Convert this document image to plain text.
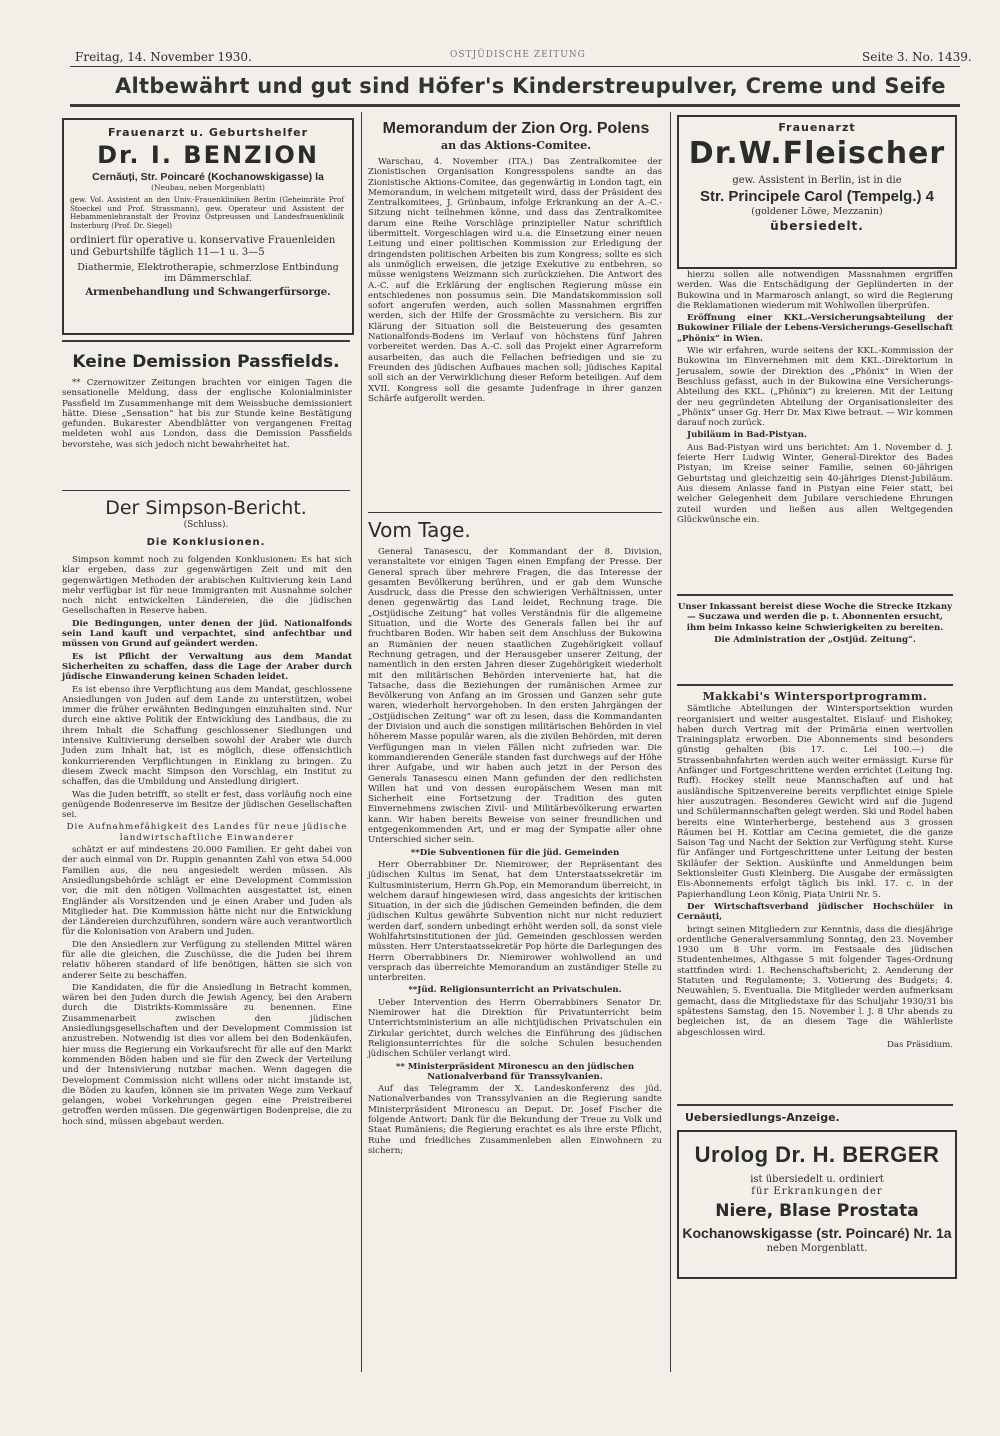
Freitag, 14. November 1930.	OSTJÜDISCHE ZEITUNG	Seite 3. No. 1439.
Altbewährt und gut sind Höfer's Kinderstreupulver, Creme und Seife
Frauenarzt u. Geburtshelfer
Dr. I. BENZION
Cernăuți, Str. Poincaré (Kochanowskigasse) la
(Neubau, neben Morgenblatt)
gew. Vol. Assistent an den Univ.-Frauenkliniken Berlin (Geheimräte Prof Stoeckel und Prof. Strassmann), gew. Operateur und Assistent der Hebammenlehranstalt der Provinz Ostpreussen und Landesfrauenklinik Insterburg (Prof. Dr. Siegel)
ordiniert für operative u. konservative Frauenleiden und Geburtshilfe täglich 11—1 u. 3—5
Diathermie, Elektrotherapie, schmerzlose Entbindung im Dämmerschlaf.
Armenbehandlung und Schwangerfürsorge.
Keine Demission Passfields.

** Czernowitzer Zeitungen brachten vor einigen Tagen die sensationelle Meldung, dass der englische Kolonialminister Passfield im Zusammenhange mit dem Weissbuche demissioniert hätte. Diese „Sensation“ hat bis zur Stunde keine Bestätigung gefunden. Bukarester Abendblätter von vergangenen Freitag meldeten wohl aus London, dass die Demission Passfields bevorstehe, was sich jedoch nicht bewahrheitet hat.

Der Simpson-Bericht.
(Schluss).
Die Konklusionen.

Simpson kommt noch zu folgenden Konklusionen: Es hat sich klar ergeben, dass zur gegenwärtigen Zeit und mit den gegenwärtigen Methoden der arabischen Kultivierung kein Land mehr verfügbar ist für neue Immigranten mit Ausnahme solcher noch nicht entwickelten Ländereien, die die jüdischen Gesellschaften in Reserve haben.

Die Bedingungen, unter denen der jüd. Nationalfonds sein Land kauft und verpachtet, sind anfechtbar und müssen von Grund auf geändert werden.

Es ist Pflicht der Verwaltung aus dem Mandat Sicherheiten zu schaffen, dass die Lage der Araber durch jüdische Einwanderung keinen Schaden leidet.

Es ist ebenso ihre Verpflichtung aus dem Mandat, geschlossene Ansiedlungen von Juden auf dem Lande zu unterstützen, wobei immer die früher erwähnten Bedingungen einzuhalten sind. Nur durch eine aktive Politik der Entwicklung des Landbaus, die zu ihrem Inhalt die Schaffung geschlossener Siedlungen und intensive Kultivierung derselben sowohl der Araber wie durch Juden zum Inhalt hat, ist es möglich, diese offensichtlich konkurrierenden Verpflichtungen in Einklang zu bringen. Zu diesem Zweck macht Simpson den Vorschlag, ein Institut zu schaffen, das die Umbildung und Ansiedlung dirigiert.

Was die Juden betrifft, so stellt er fest, dass vorläufig noch eine genügende Bodenreserve im Besitze der jüdischen Gesellschaften sei.

Die Aufnahmefähigkeit des Landes für neue jüdische landwirtschaftliche Einwanderer

schätzt er auf mindestens 20.000 Familien. Er geht dabei von der auch einmal von Dr. Ruppin genannten Zahl von etwa 54.000 Familien aus, die neu angesiedelt werden müssen. Als Ansiedlungsbehörde schlägt er eine Development Commission vor, die mit den nötigen Vollmachten ausgestattet ist, einen Engländer als Vorsitzenden und je einen Araber und Juden als Mitglieder hat. Die Kommission hätte nicht nur die Entwicklung der Ländereien durchzuführen, sondern wäre auch verantwortlich für die Kolonisation von Arabern und Juden.

Die den Ansiedlern zur Verfügung zu stellenden Mittel wären für alle die gleichen, die Zuschüsse, die die Juden bei ihrem relativ höheren standard of life benötigen, hätten sie sich von anderer Seite zu beschaffen.

Die Kandidaten, die für die Ansiedlung in Betracht kommen, wären bei den Juden durch die Jewish Agency, bei den Arabern durch die Distrikts-Kommissäre zu benennen. Eine Zusammenarbeit zwischen den jüdischen Ansiedlungsgesellschaften und der Development Commission ist anzustreben. Notwendig ist dies vor allem bei den Bodenkäufen, hier muss die Regierung ein Vorkaufsrecht für alle auf den Markt kommenden Böden haben und sie für den Zweck der Verteilung und der Intensivierung nutzbar machen. Wenn dagegen die Development Commission nicht willens oder nicht imstande ist, die Böden zu kaufen, können sie im privaten Wege zum Verkauf gelangen, wobei Vorkehrungen gegen eine Preistreiberei getroffen werden müssen. Die gegenwärtigen Bodenpreise, die zu hoch sind, müssen abgebaut werden.

Memorandum der Zion Org. Polens
an das Aktions-Comitee.

Warschau, 4. November (ITA.) Das Zentralkomitee der Zionistischen Organisation Kongresspolens sandte an das Zionistische Aktions-Comitee, das gegenwärtig in London tagt, ein Memorandum, in welchem mitgeteilt wird, dass der Präsident des Zentralkomitees, J. Grünbaum, infolge Erkrankung an der A.-C.-Sitzung nicht teilnehmen könne, und dass das Zentralkomitee darum eine Reihe Vorschläge prinzipieller Natur schriftlich übermittelt. Vorgeschlagen wird u.a. die Einsetzung einer neuen Leitung und einer politischen Kommission zur Erledigung der dringendsten politischen Arbeiten bis zum Kongress; sollte es sich als unmöglich erweisen, die jetzige Exekutive zu entbehren, so müsse wenigstens Weizmann sich zurückziehen. Die Antwort des A.-C. auf die Erklärung der englischen Regierung müsse ein entschiedenes non possumus sein. Die Mandatskommission soll sofort angerufen werden, auch sollen Massnahmen ergriffen werden, sich der Hilfe der Grossmächte zu versichern. Bis zur Klärung der Situation soll die Beisteuerung des gesamten Nationalfonds-Bodens im Verlauf von höchstens fünf Jahren vorbereitet werden. Das A.-C. soll das Projekt einer Agrarreform ausarbeiten, das auch die Fellachen befriedigen und sie zu Freunden des jüdischen Aufbaues machen soll; jüdisches Kapital soll sich an der Verwirklichung dieser Reform beteiligen. Auf dem XVII. Kongress soll die gesamte Judenfrage in ihrer ganzen Schärfe aufgerollt werden.

Vom Tage.

General Tanasescu, der Kommandant der 8. Division, veranstaltete vor einigen Tagen einen Empfang der Presse. Der General sprach über mehrere Fragen, die das Interesse der gesamten Bevölkerung berühren, und er gab dem Wunsche Ausdruck, dass die Presse den schwierigen Verhältnissen, unter denen gegenwärtig das Land leidet, Rechnung trage. Die „Ostjüdische Zeitung“ hat volles Verständnis für die allgemeine Situation, und die Worte des Generals fallen bei ihr auf fruchtbaren Boden. Wir haben seit dem Anschluss der Bukowina an Rumänien der neuen staatlichen Zugehörigkeit vollauf Rechnung getragen, und der Herausgeber unserer Zeitung, der namentlich in den ersten Jahren dieser Zugehörigkeit wiederholt mit den militärischen Behörden intervenierte hat, hat die Tatsache, dass die Beziehungen der rumänischen Armee zur Bevölkerung von Anfang an im Grossen und Ganzen sehr gute waren, wiederholt hervorgehoben. In den ersten Jahrgängen der „Ostjüdischen Zeitung“ war oft zu lesen, dass die Kommandanten der Division und auch die sonstigen militärischen Behörden in viel höherem Masse populär waren, als die zivilen Behörden, mit deren Verfügungen man in vielen Fällen nicht zufrieden war. Die kommandierenden Generäle standen fast durchwegs auf der Höhe ihrer Aufgabe, und wir haben auch jetzt in der Person des Generals Tanasescu einen Mann gefunden der den redlichsten Willen hat und von dessen europäischem Wesen man mit Sicherheit eine Fortsetzung der Tradition des guten Einvernehmens zwischen Zivil- und Militärbevölkerung erwarten kann. Wir haben bereits Beweise von seiner freundlichen und entgegenkommenden Art, und er mag der Sympatie aller ohne Unterschied sicher sein.

**Die Subventionen für die jüd. Gemeinden

Herr Oberrabbiner Dr. Niemirower, der Repräsentant des jüdischen Kultus im Senat, hat dem Unterstaatssekretär im Kultusministerium, Herrn Gh.Pop, ein Memorandum überreicht, in welchem darauf hingewiesen wird, dass angesichts der kritischen Situation, in der sich die jüdischen Gemeinden befinden, die dem jüdischen Kultus gewährte Subvention nicht nur nicht reduziert werden darf, sondern unbedingt erhöht werden soll, da sonst viele Wohlfahrtsinstitutionen der jüd. Gemeinden geschlossen werden müssten. Herr Unterstaatssekretär Pop hörte die Darlegungen des Herrn Oberrabbiners Dr. Niemirower wohlwollend an und versprach das überreichte Memorandum an zuständiger Stelle zu unterbreiten.

**Jüd. Religionsunterricht an Privatschulen.

Ueber Intervention des Herrn Oberrabbiners Senator Dr. Niemirower hat die Direktion für Privatunterricht beim Unterrichtsministerium an alle nichtjüdischen Privatschulen ein Zirkular gerichtet, durch welches die Einführung des jüdischen Religionsunterrichtes für die solche Schulen besuchenden jüdischen Schüler verlangt wird.

** Ministerpräsident Mironescu an den jüdischen Nationalverband für Transsylvanien.

Auf das Telegramm der X. Landeskonferenz des jüd. Nationalverbandes von Transsylvanien an die Regierung sandte Ministerpräsident Mironescu an Deput. Dr. Josef Fischer die folgende Antwort: Dank für die Bekundung der Treue zu Volk und Staat Rumäniens; die Regierung erachtet es als ihre erste Pflicht, Ruhe und friedliches Zusammenleben allen Einwohnern zu sichern;

Frauenarzt
Dr.W.Fleischer
gew. Assistent in Berlin, ist in die
Str. Principele Carol (Tempelg.) 4
(goldener Löwe, Mezzanin)
übersiedelt.

hierzu sollen alle notwendigen Massnahmen ergriffen werden. Was die Entschädigung der Geplünderten in der Bukowina und in Marmarosch anlangt, so wird die Regierung die Reklamationen wiederum mit Wohlwollen überprüfen.

Eröffnung einer KKL.-Versicherungsabteilung der Bukowiner Filiale der Lebens-Versicherungs-Gesellschaft „Phönix“ in Wien.

Wie wir erfahren, wurde seitens der KKL.-Kommission der Bukowina im Einvernehmen mit dem KKL.-Direktorium in Jerusalem, sowie der Direktion des „Phönix“ in Wien der Beschluss gefasst, auch in der Bukowina eine Versicherungs-Abteilung des KKL. („Phönix“) zu kreieren. Mit der Leitung der neu gegründeten Abteilung der Organisationsleiter des „Phönix“ unser Gg. Herr Dr. Max Kiwe betraut. — Wir kommen darauf noch zurück.

Jubiläum in Bad-Pistyan.

Aus Bad-Pistyan wird uns berichtet: Am 1. November d. J. feierte Herr Ludwig Winter, General-Direktor des Bades Pistyan, im Kreise seiner Familie, seinen 60-jährigen Geburtstag und gleichzeitig sein 40-jähriges Dienst-Jubiläum. Aus diesem Anlasse fand in Pistyan eine Feier statt, bei welcher Gelegenheit dem Jubilare verschiedene Ehrungen zuteil wurden und ließen aus allen Weltgegenden Glückwünsche ein.

Unser Inkassant bereist diese Woche die Strecke Itzkany — Suczawa und werden die p. t. Abonnenten ersucht, ihm beim Inkasso keine Schwierigkeiten zu bereiten.

Die Administration der „Ostjüd. Zeitung“.

Makkabi's Wintersportprogramm.

Sämtliche Abteilungen der Wintersportsektion wurden reorganisiert und weiter ausgestaltet. Eislauf- und Eishokey, haben durch Vertrag mit der Primăria einen wertvollen Trainingsplatz erworben. Die Abonnements sind besonders günstig gehalten (bis 17. c. Lei 100.—) die Strassenbahnfahrten werden auch weiter ermässigt. Kurse für Anfänger und Fortgeschrittene werden errichtet (Leitung Ing. Ruff). Hockey stellt neue Mannschaften auf und hat ausländische Spitzenvereine bereits verpflichtet einige Spiele hier auszutragen. Besonderes Gewicht wird auf die Jugend und Schülermannschaften gelegt werden. Ski und Rodel haben bereits eine Winterherberge, bestehend aus 3 grossen Räumen bei H. Kottlar am Cecina gemietet, die die ganze Saison Tag und Nacht der Sektion zur Verfügung steht. Kurse für Anfänger und Fortgeschrittene unter Leitung der besten Skiläufer der Sektion. Auskünfte und Anmeldungen beim Sektionsleiter Gusti Kleinberg. Die Ausgabe der ermässigten Eis-Abonnements erfolgt täglich bis inkl. 17. c. in der Papierhandlung Leon König, Piața Unirii Nr. 5.

Der Wirtschaftsverband jüdischer Hochschüler in Cernăuți,

bringt seinen Mitgliedern zur Kenntnis, dass die diesjährige ordentliche Generalversammlung Sonntag, den 23. November 1930 um 8 Uhr vorm. im Festsaale des jüdischen Studentenheimes, Althgasse 5 mit folgender Tages-Ordnung stattfinden wird: 1. Rechenschaftsbericht; 2. Aenderung der Statuten und Regulamente; 3. Votierung des Budgets; 4. Neuwahlen; 5. Eventualia. Die Mitglieder werden aufmerksam gemacht, dass die Mitgliedstaxe für das Schuljahr 1930/31 bis spätestens Samstag, den 15. November l. J. 8 Uhr abends zu begleichen ist, da an diesem Tage die Wählerliste abgeschlossen wird.

Das Präsidium.

Uebersiedlungs-Anzeige.
Urolog Dr. H. BERGER
ist übersiedelt u. ordiniert
für Erkrankungen der
Niere, Blase Prostata
Kochanowskigasse (str. Poincaré) Nr. 1a
neben Morgenblatt.
